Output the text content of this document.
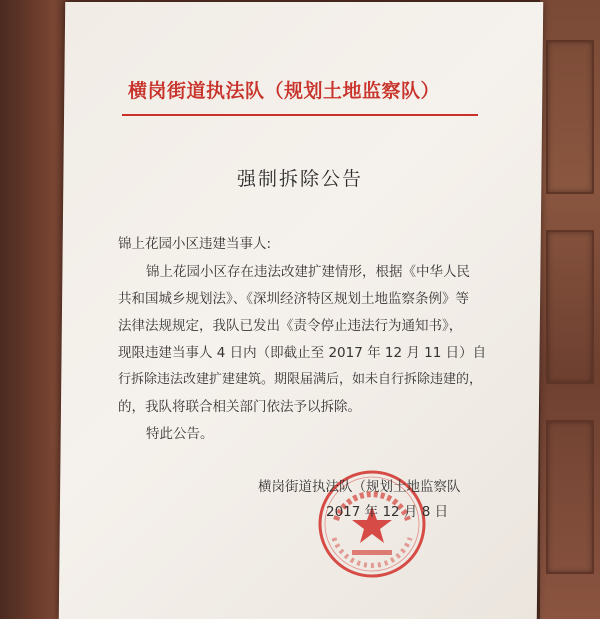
横岗街道执法队（规划土地监察队）
强制拆除公告
锦上花园小区违建当事人:
锦上花园小区存在违法改建扩建情形，根据《中华人民
共和国城乡规划法》、《深圳经济特区规划土地监察条例》等
法律法规规定，我队已发出《责令停止违法行为通知书》，
现限违建当事人 4 日内（即截止至 2017 年 12 月 11 日）自
行拆除违法改建扩建建筑。期限届满后，如未自行拆除违建的，
的，我队将联合相关部门依法予以拆除。
特此公告。
横岗街道执法队（规划土地监察队
2017 年 12 月 8 日
